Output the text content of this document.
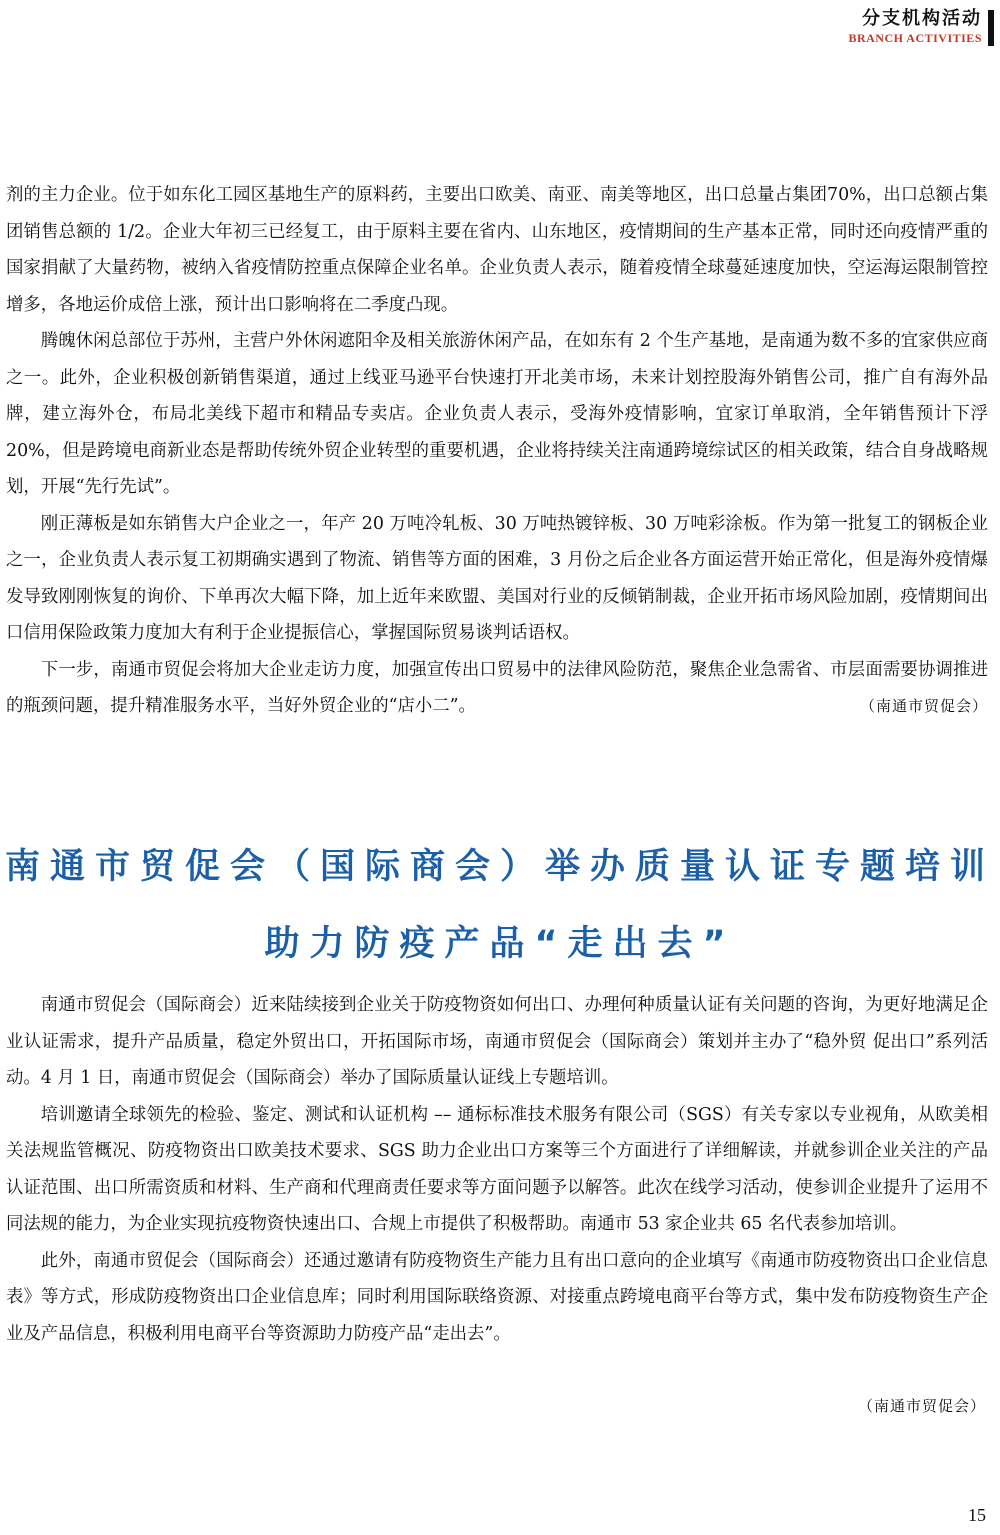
分支机构活动
BRANCH ACTIVITIES

剂的主力企业。位于如东化工园区基地生产的原料药，主要出口欧美、南亚、南美等地区，出口总量占集团70%，出口总额占集团销售总额的 1/2。企业大年初三已经复工，由于原料主要在省内、山东地区，疫情期间的生产基本正常，同时还向疫情严重的国家捐献了大量药物，被纳入省疫情防控重点保障企业名单。企业负责人表示，随着疫情全球蔓延速度加快，空运海运限制管控增多，各地运价成倍上涨，预计出口影响将在二季度凸现。

腾魄休闲总部位于苏州，主营户外休闲遮阳伞及相关旅游休闲产品，在如东有 2 个生产基地，是南通为数不多的宜家供应商之一。此外，企业积极创新销售渠道，通过上线亚马逊平台快速打开北美市场，未来计划控股海外销售公司，推广自有海外品牌，建立海外仓，布局北美线下超市和精品专卖店。企业负责人表示，受海外疫情影响，宜家订单取消，全年销售预计下浮 20%，但是跨境电商新业态是帮助传统外贸企业转型的重要机遇，企业将持续关注南通跨境综试区的相关政策，结合自身战略规划，开展“先行先试”。

刚正薄板是如东销售大户企业之一，年产 20 万吨冷轧板、30 万吨热镀锌板、30 万吨彩涂板。作为第一批复工的钢板企业之一，企业负责人表示复工初期确实遇到了物流、销售等方面的困难，3 月份之后企业各方面运营开始正常化，但是海外疫情爆发导致刚刚恢复的询价、下单再次大幅下降，加上近年来欧盟、美国对行业的反倾销制裁，企业开拓市场风险加剧，疫情期间出口信用保险政策力度加大有利于企业提振信心，掌握国际贸易谈判话语权。

下一步，南通市贸促会将加大企业走访力度，加强宣传出口贸易中的法律风险防范，聚焦企业急需省、市层面需要协调推进的瓶颈问题，提升精准服务水平，当好外贸企业的“店小二”。	（南通市贸促会）

南通市贸促会（国际商会）举办质量认证专题培训
助力防疫产品“走出去”

南通市贸促会（国际商会）近来陆续接到企业关于防疫物资如何出口、办理何种质量认证有关问题的咨询，为更好地满足企业认证需求，提升产品质量，稳定外贸出口，开拓国际市场，南通市贸促会（国际商会）策划并主办了“稳外贸 促出口”系列活动。4 月 1 日，南通市贸促会（国际商会）举办了国际质量认证线上专题培训。

培训邀请全球领先的检验、鉴定、测试和认证机构 –– 通标标准技术服务有限公司（SGS）有关专家以专业视角，从欧美相关法规监管概况、防疫物资出口欧美技术要求、SGS 助力企业出口方案等三个方面进行了详细解读，并就参训企业关注的产品认证范围、出口所需资质和材料、生产商和代理商责任要求等方面问题予以解答。此次在线学习活动，使参训企业提升了运用不同法规的能力，为企业实现抗疫物资快速出口、合规上市提供了积极帮助。南通市 53 家企业共 65 名代表参加培训。

此外，南通市贸促会（国际商会）还通过邀请有防疫物资生产能力且有出口意向的企业填写《南通市防疫物资出口企业信息表》等方式，形成防疫物资出口企业信息库；同时利用国际联络资源、对接重点跨境电商平台等方式，集中发布防疫物资生产企业及产品信息，积极利用电商平台等资源助力防疫产品“走出去”。

（南通市贸促会）
15
